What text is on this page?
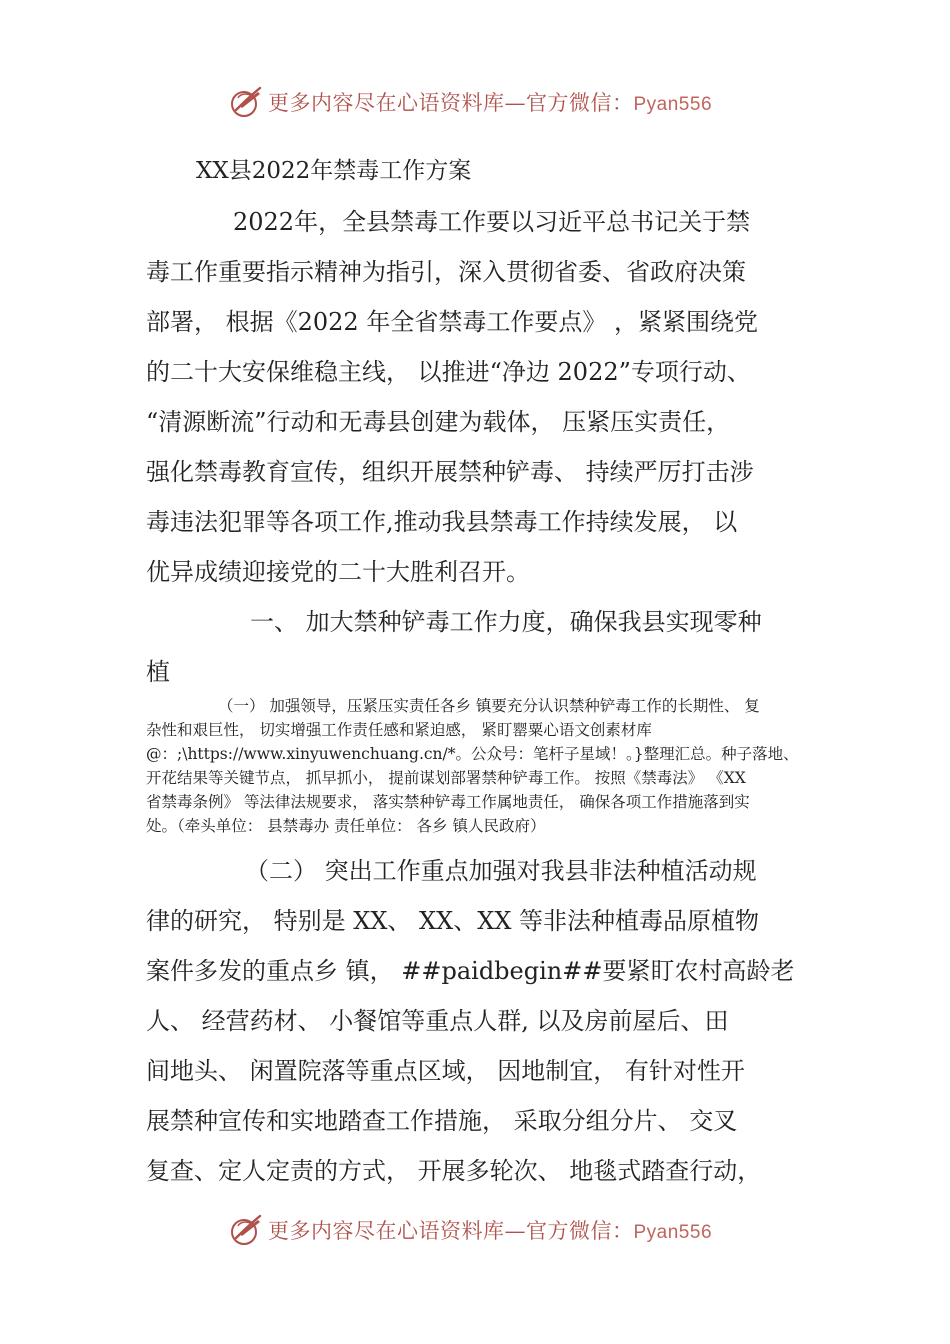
更多内容尽在心语资料库—官方微信：Pyan556
XX县2022年禁毒工作方案
2022年，全县禁毒工作要以习近平总书记关于禁
毒工作重要指示精神为指引，深入贯彻省委、省政府决策
部署， 根据《2022 年全省禁毒工作要点》 ，紧紧围绕党
的二十大安保维稳主线， 以推进“净边 2022”专项行动、
“清源断流”行动和无毒县创建为载体， 压紧压实责任，
强化禁毒教育宣传，组织开展禁种铲毒、 持续严厉打击涉
毒违法犯罪等各项工作,推动我县禁毒工作持续发展， 以
优异成绩迎接党的二十大胜利召开。
一、 加大禁种铲毒工作力度，确保我县实现零种
植
（一） 加强领导，压紧压实责任各乡 镇要充分认识禁种铲毒工作的长期性、 复
杂性和艰巨性， 切实增强工作责任感和紧迫感， 紧盯罂粟心语文创素材库
@：;\https://www.xinyuwenchuang.cn/*。公众号：笔杆子星域！。}整理汇总。种子落地、
开花结果等关键节点， 抓早抓小， 提前谋划部署禁种铲毒工作。 按照《禁毒法》 《XX
省禁毒条例》 等法律法规要求， 落实禁种铲毒工作属地责任， 确保各项工作措施落到实
处。（牵头单位： 县禁毒办 责任单位： 各乡 镇人民政府）
（二） 突出工作重点加强对我县非法种植活动规
律的研究， 特别是 XX、 XX、XX 等非法种植毒品原植物
案件多发的重点乡 镇， ##paidbegin##要紧盯农村高龄老
人、 经营药材、 小餐馆等重点人群, 以及房前屋后、田
间地头、 闲置院落等重点区域， 因地制宜， 有针对性开
展禁种宣传和实地踏查工作措施， 采取分组分片、 交叉
复查、定人定责的方式， 开展多轮次、 地毯式踏查行动，
更多内容尽在心语资料库—官方微信：Pyan556
